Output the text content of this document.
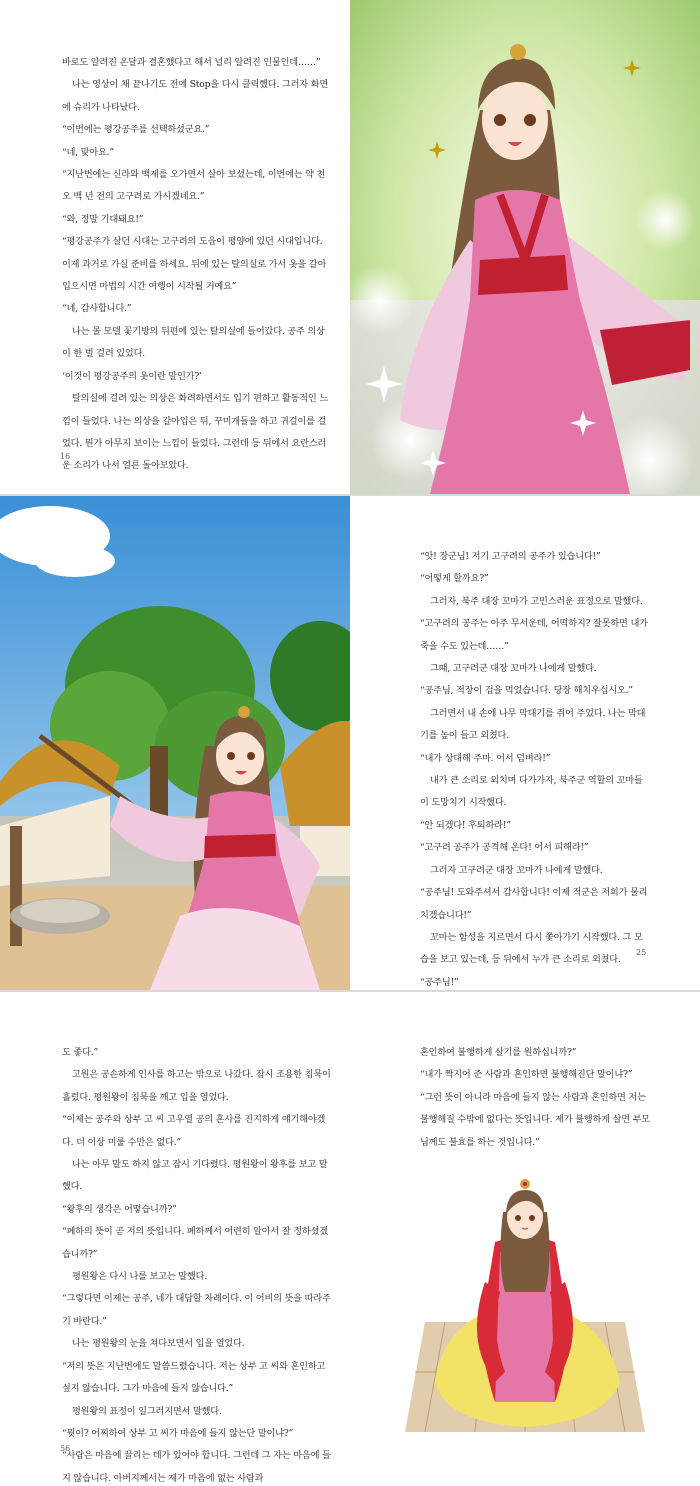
바로도 알려진 온달과 결혼했다고 해서 널리 알려진 인물인데……”

나는 영상이 채 끝나기도 전에 Stop을 다시 클릭했다. 그러자 화면에 슈리가 나타났다.

“이번에는 평강공주를 선택하셨군요.”

“네, 맞아요.”

“지난번에는 신라와 백제를 오가면서 살아 보셨는데, 이번에는 약 천오 백 년 전의 고구려로 가시겠네요.”

“와, 정말 기대돼요!”

“평강공주가 살던 시대는 고구려의 도읍이 평양에 있던 시대입니다. 이제 과거로 가실 준비를 하세요. 뒤에 있는 탈의실로 가서 옷을 갈아입으시면 마법의 시간 여행이 시작될 거예요”

“네, 감사합니다.”

나는 몰 모델 꽃기방의 뒤편에 있는 탈의실에 들어갔다. 공주 의상이 한 벌 걸려 있었다.

‘이것이 평강공주의 옷이란 말인가?’

탈의실에 걸려 있는 의상은 화려하면서도 입기 편하고 활동적인 느낌이 들었다. 나는 의상을 갈아입은 뒤, 꾸미개들을 하고 귀걸이를 걸었다. 뭔가 아무지 보이는 느낌이 들었다. 그런데 등 뒤에서 요란스러운 소리가 나서 얼른 돌아보았다.

16

“앗! 장군님! 저기 고구려의 공주가 있습니다!”

“어떻게 할까요?”

그러자, 북주 대장 꼬마가 고민스러운 표정으로 말했다.

“고구려의 공주는 아주 무서운데, 어떡하지? 잘못하면 내가 죽을 수도 있는데……”

그때, 고구려군 대장 꼬마가 나에게 말했다.

“공주님, 적장이 겁을 먹었습니다. 당장 해치우십시오.”

그러면서 내 손에 나무 막대기를 쥐어 주었다. 나는 막대기를 높이 들고 외쳤다.

“내가 상대해 주마. 어서 덤벼라!”

내가 큰 소리로 외치며 다가가자, 북주군 역할의 꼬마들이 도망치기 시작했다.

“안 되겠다! 후퇴하라!”

“고구려 공주가 공격해 온다! 어서 피해라!”

그러자 고구려군 대장 꼬마가 나에게 말했다.

“공주님! 도와주셔서 감사합니다! 이제 적군은 저희가 물리치겠습니다!”

꼬마는 함성을 지르면서 다시 쫓아가기 시작했다. 그 모습을 보고 있는데, 등 뒤에서 누가 큰 소리로 외쳤다.

“공주님!”

25

도 좋다.”

고원은 공손하게 인사를 하고는 밖으로 나갔다. 잠시 조용한 침묵이 흘렀다. 평원왕이 침묵을 깨고 입을 열었다.

“이제는 공주와 상부 고 씨 고우열 공의 혼사를 진지하게 얘기해야겠다. 더 이상 미룰 수만은 없다.”

나는 아무 말도 하지 않고 잠시 기다렸다. 평원왕이 왕후를 보고 말했다.

“왕후의 생각은 어떻습니까?”

“폐하의 뜻이 곧 저의 뜻입니다. 폐하께서 어련히 알아서 잘 정하셨겠습니까?”

평원왕은 다시 나를 보고는 말했다.

“그렇다면 이제는 공주, 네가 대답할 차례이다. 이 어비의 뜻을 따라주기 바란다.”

나는 평원왕의 눈을 쳐다보면서 입을 열었다.

“저의 뜻은 지난번에도 말씀드렸습니다. 저는 상부 고 씨와 혼인하고 싶지 않습니다. 그가 마음에 들지 않습니다.”

평원왕의 표정이 일그러지면서 말했다.

“뭣이? 어찌하여 상부 고 씨가 마음에 들지 않는단 말이냐?”

“사람은 마음에 끌리는 데가 있어야 합니다. 그런데 그 자는 마음에 들지 않습니다. 아버지께서는 제가 마음에 없는 사람과

56

혼인하여 불행하게 살기를 원하십니까?”

“내가 짝지어 준 사람과 혼인하면 불행해진단 말이냐?”

“그런 뜻이 아니라 마음에 들지 않는 사람과 혼인하면 저는 불행해질 수밖에 없다는 뜻입니다. 제가 불행하게 살면 부모님께도 불효를 하는 것입니다.”
